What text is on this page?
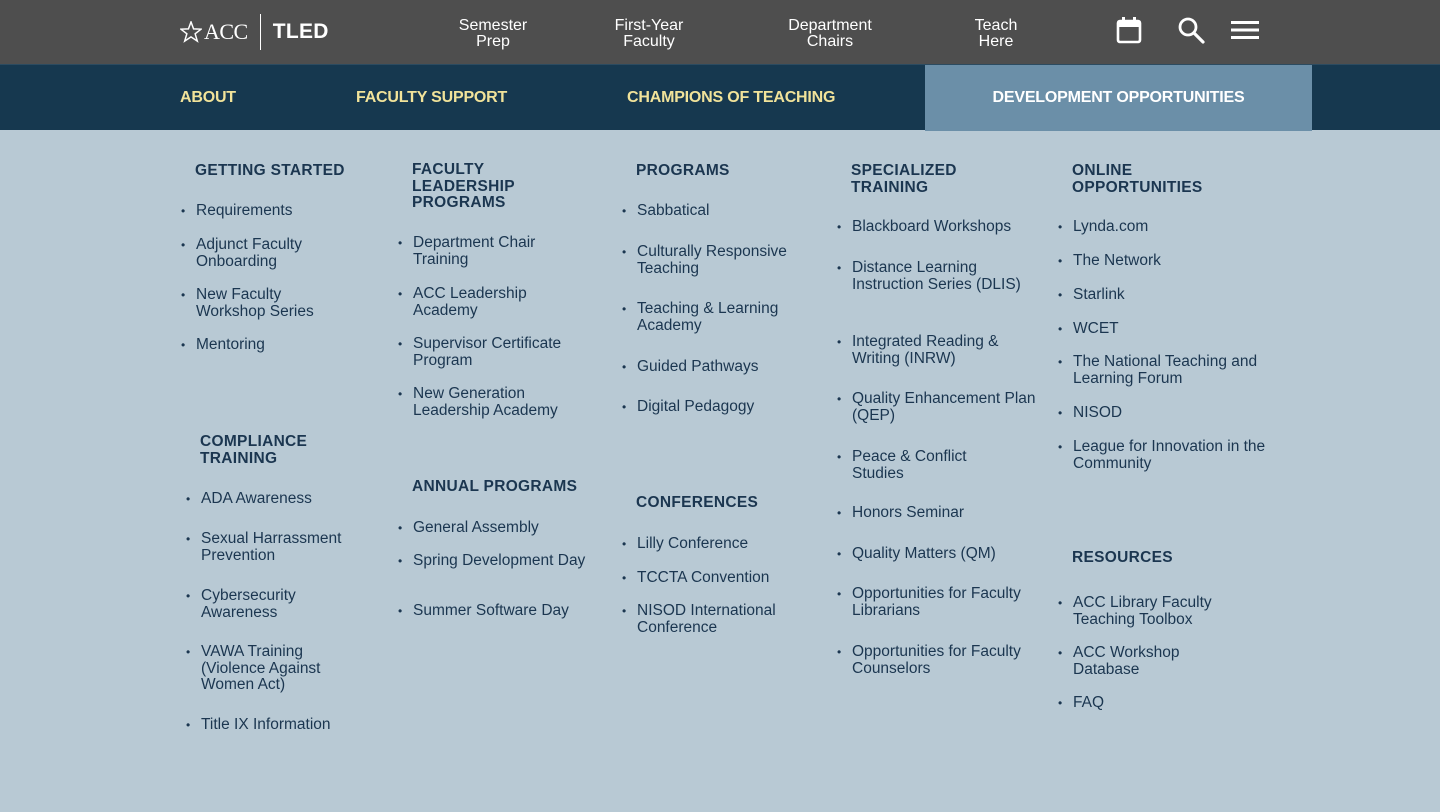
ACC TLED	Semester
Prep
First-Year
Faculty
Department
Chairs
Teach
Here
ABOUT	FACULTY SUPPORT	CHAMPIONS OF TEACHING	DEVELOPMENT OPPORTUNITIES
GETTING STARTED
• Requirements
• Adjunct Faculty Onboarding
• New Faculty Workshop Series
• Mentoring
COMPLIANCE TRAINING
• ADA Awareness
• Sexual Harrassment Prevention
• Cybersecurity Awareness
• VAWA Training (Violence Against Women Act)
• Title IX Information
FACULTY LEADERSHIP PROGRAMS
• Department Chair Training
• ACC Leadership Academy
• Supervisor Certificate Program
• New Generation Leadership Academy
ANNUAL PROGRAMS
• General Assembly
• Spring Development Day
• Summer Software Day
PROGRAMS
• Sabbatical
• Culturally Responsive Teaching
• Teaching & Learning Academy
• Guided Pathways
• Digital Pedagogy
CONFERENCES
• Lilly Conference
• TCCTA Convention
• NISOD International Conference
SPECIALIZED TRAINING
• Blackboard Workshops
• Distance Learning Instruction Series (DLIS)
• Integrated Reading & Writing (INRW)
• Quality Enhancement Plan (QEP)
• Peace & Conflict Studies
• Honors Seminar
• Quality Matters (QM)
• Opportunities for Faculty Librarians
• Opportunities for Faculty Counselors
ONLINE OPPORTUNITIES
• Lynda.com
• The Network
• Starlink
• WCET
• The National Teaching and Learning Forum
• NISOD
• League for Innovation in the Community
RESOURCES
• ACC Library Faculty Teaching Toolbox
• ACC Workshop Database
• FAQ
